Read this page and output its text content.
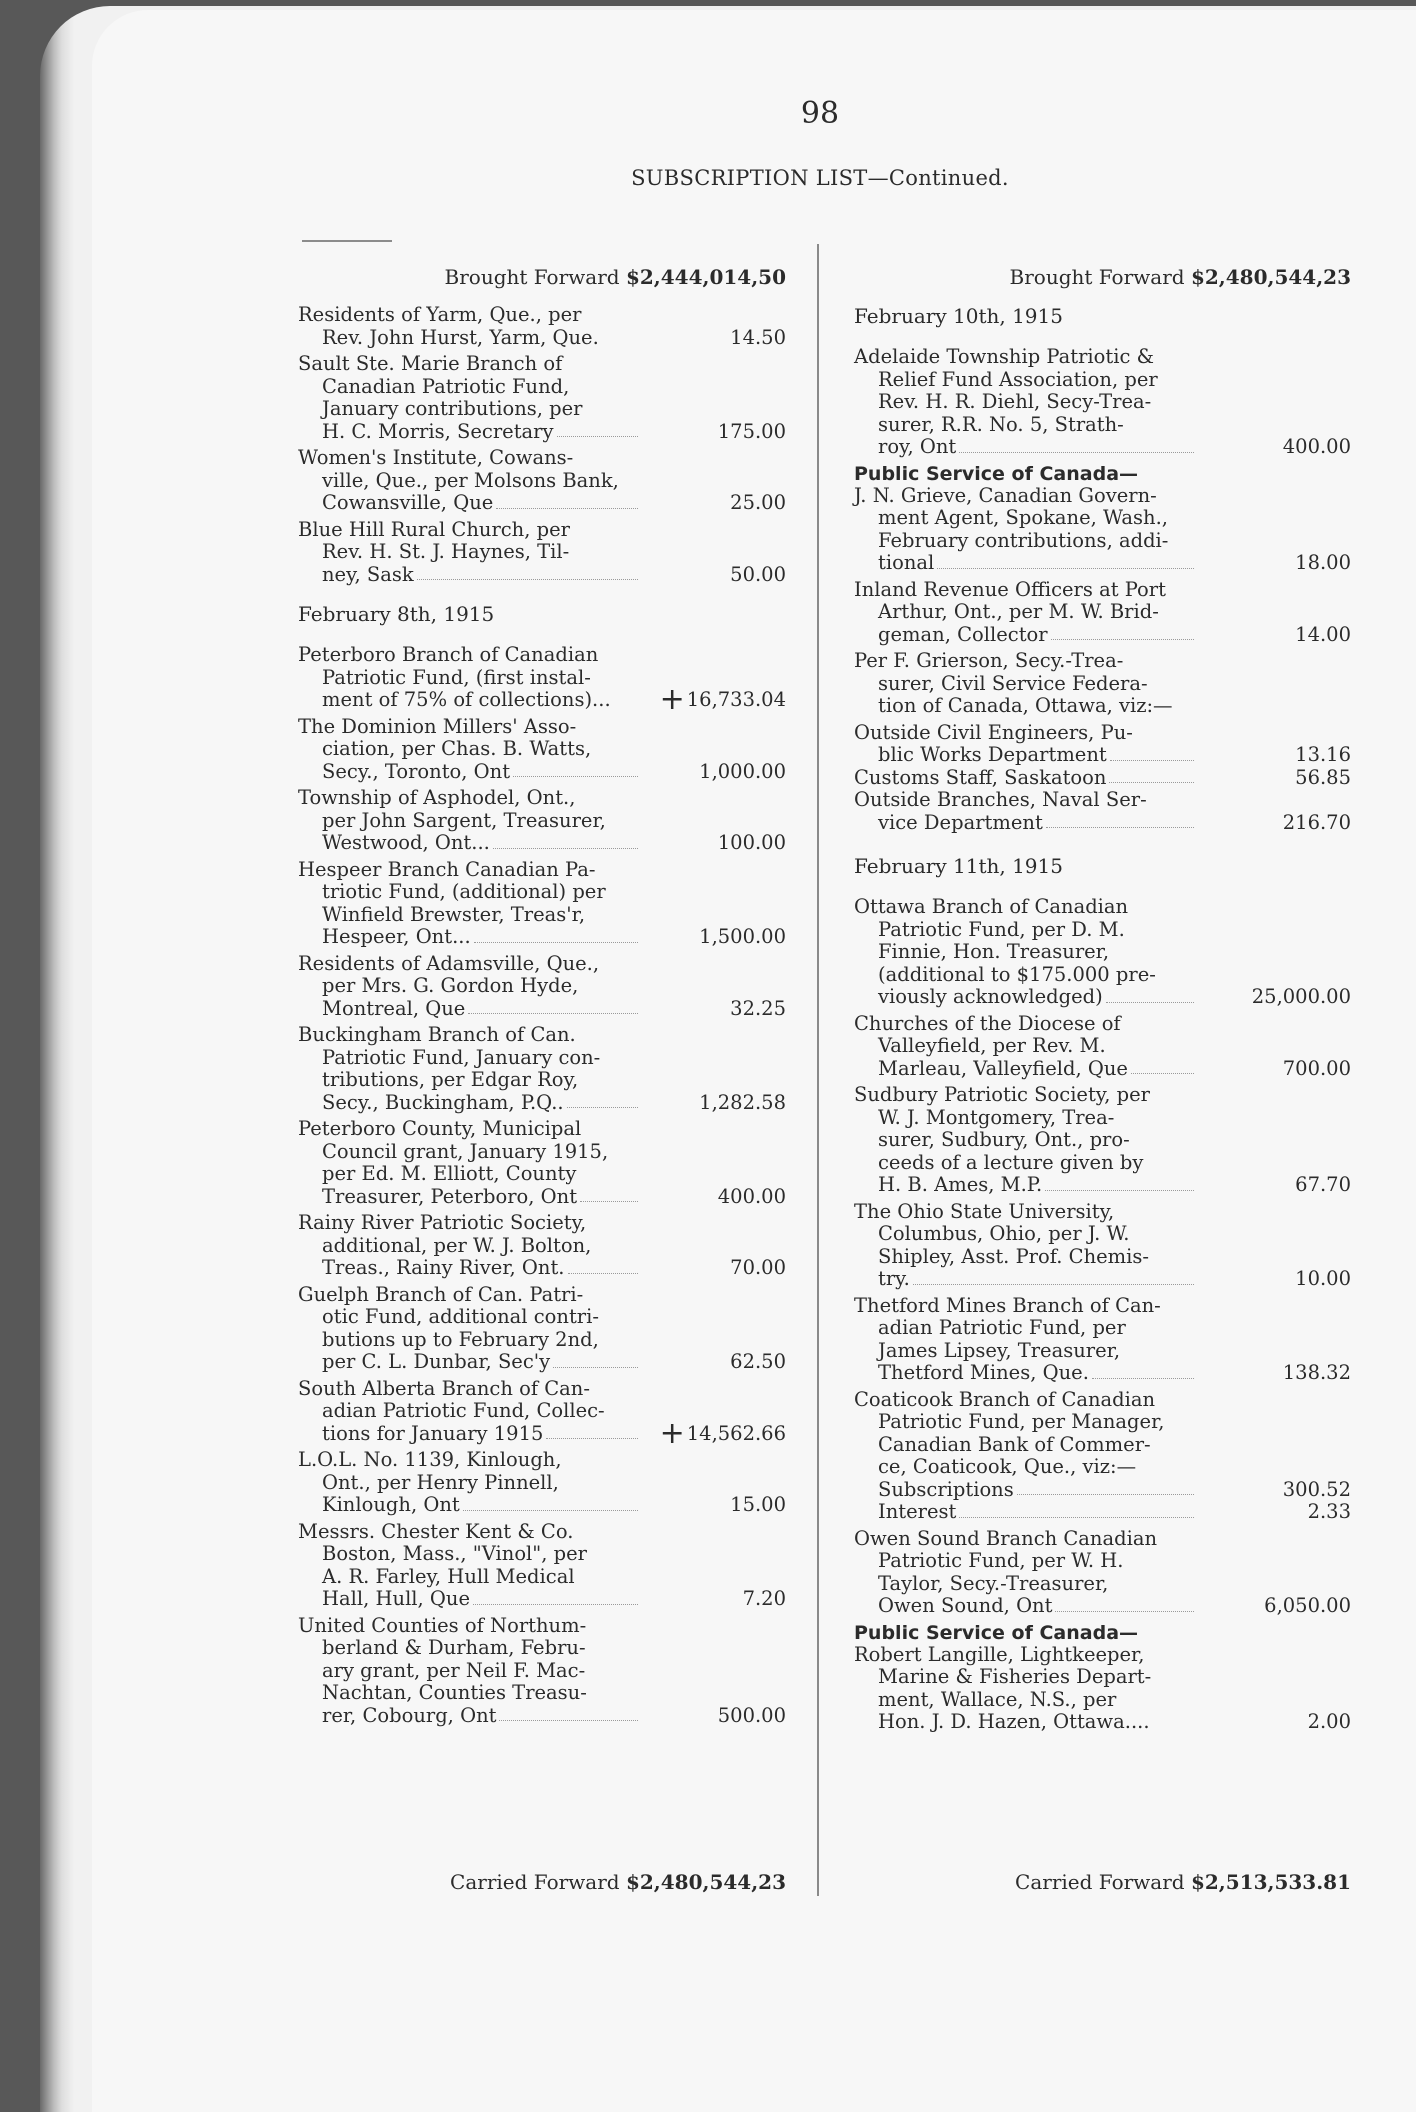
98
SUBSCRIPTION LIST—Continued.
Brought Forward $2,444,014,50
Residents of Yarm, Que., per
Rev. John Hurst, Yarm, Que.	14.50
Sault Ste. Marie Branch of
Canadian Patriotic Fund,
January contributions, per
H. C. Morris, Secretary	175.00
Women's Institute, Cowans-
ville, Que., per Molsons Bank,
Cowansville, Que	25.00
Blue Hill Rural Church, per
Rev. H. St. J. Haynes, Til-
ney, Sask	50.00
February 8th, 1915
Peterboro Branch of Canadian
Patriotic Fund, (first instal-
ment of 75% of collections)...	+ 16,733.04
The Dominion Millers' Asso-
ciation, per Chas. B. Watts,
Secy., Toronto, Ont	1,000.00
Township of Asphodel, Ont.,
per John Sargent, Treasurer,
Westwood, Ont...	100.00
Hespeer Branch Canadian Pa-
triotic Fund, (additional) per
Winfield Brewster, Treas'r,
Hespeer, Ont...	1,500.00
Residents of Adamsville, Que.,
per Mrs. G. Gordon Hyde,
Montreal, Que	32.25
Buckingham Branch of Can.
Patriotic Fund, January con-
tributions, per Edgar Roy,
Secy., Buckingham, P.Q..	1,282.58
Peterboro County, Municipal
Council grant, January 1915,
per Ed. M. Elliott, County
Treasurer, Peterboro, Ont	400.00
Rainy River Patriotic Society,
additional, per W. J. Bolton,
Treas., Rainy River, Ont.	70.00
Guelph Branch of Can. Patri-
otic Fund, additional contri-
butions up to February 2nd,
per C. L. Dunbar, Sec'y	62.50
South Alberta Branch of Can-
adian Patriotic Fund, Collec-
tions for January 1915	+ 14,562.66
L.O.L. No. 1139, Kinlough,
Ont., per Henry Pinnell,
Kinlough, Ont	15.00
Messrs. Chester Kent & Co.
Boston, Mass., "Vinol", per
A. R. Farley, Hull Medical
Hall, Hull, Que	7.20
United Counties of Northum-
berland & Durham, Febru-
ary grant, per Neil F. Mac-
Nachtan, Counties Treasu-
rer, Cobourg, Ont	500.00
Brought Forward $2,480,544,23
February 10th, 1915
Adelaide Township Patriotic &
Relief Fund Association, per
Rev. H. R. Diehl, Secy-Trea-
surer, R.R. No. 5, Strath-
roy, Ont	400.00
Public Service of Canada—
J. N. Grieve, Canadian Govern-
ment Agent, Spokane, Wash.,
February contributions, addi-
tional	18.00
Inland Revenue Officers at Port
Arthur, Ont., per M. W. Brid-
geman, Collector	14.00
Per F. Grierson, Secy.-Trea-
surer, Civil Service Federa-
tion of Canada, Ottawa, viz:—
Outside Civil Engineers, Pu-
blic Works Department	13.16
Customs Staff, Saskatoon	56.85
Outside Branches, Naval Ser-
vice Department	216.70
February 11th, 1915
Ottawa Branch of Canadian
Patriotic Fund, per D. M.
Finnie, Hon. Treasurer,
(additional to $175.000 pre-
viously acknowledged)	25,000.00
Churches of the Diocese of
Valleyfield, per Rev. M.
Marleau, Valleyfield, Que	700.00
Sudbury Patriotic Society, per
W. J. Montgomery, Trea-
surer, Sudbury, Ont., pro-
ceeds of a lecture given by
H. B. Ames, M.P.	67.70
The Ohio State University,
Columbus, Ohio, per J. W.
Shipley, Asst. Prof. Chemis-
try.	10.00
Thetford Mines Branch of Can-
adian Patriotic Fund, per
James Lipsey, Treasurer,
Thetford Mines, Que.	138.32
Coaticook Branch of Canadian
Patriotic Fund, per Manager,
Canadian Bank of Commer-
ce, Coaticook, Que., viz:—
Subscriptions	300.52
Interest	2.33
Owen Sound Branch Canadian
Patriotic Fund, per W. H.
Taylor, Secy.-Treasurer,
Owen Sound, Ont	6,050.00
Public Service of Canada—
Robert Langille, Lightkeeper,
Marine & Fisheries Depart-
ment, Wallace, N.S., per
Hon. J. D. Hazen, Ottawa....	2.00
Carried Forward $2,480,544,23	Carried Forward $2,513,533.81
